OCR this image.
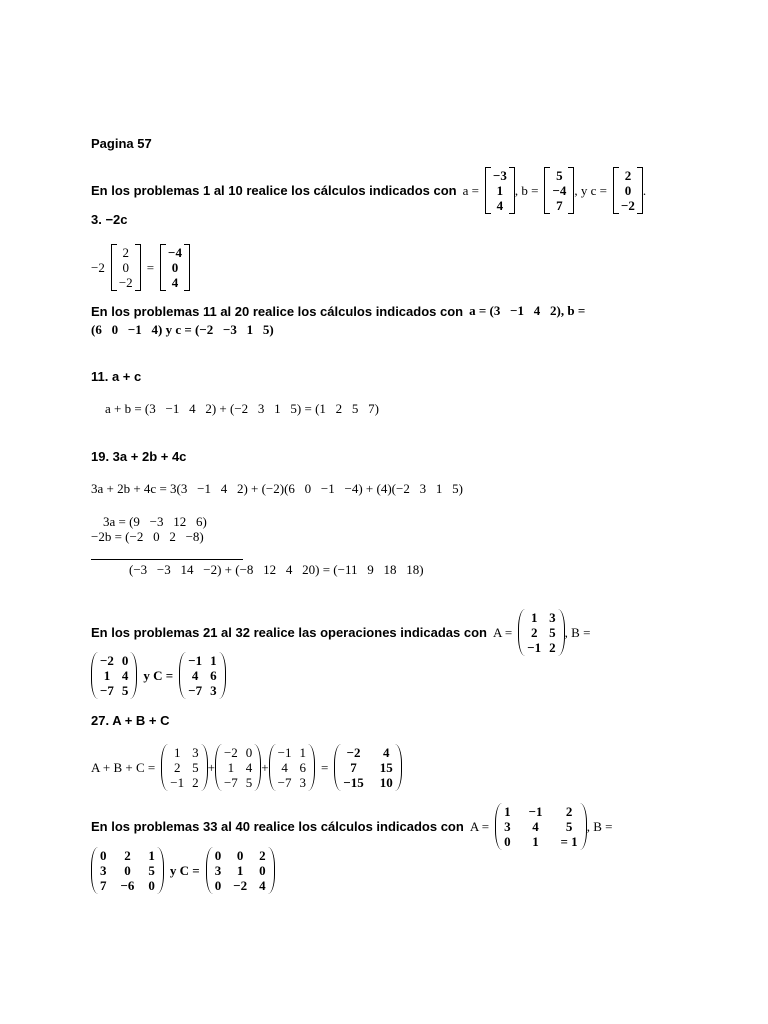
Pagina 57
En los problemas 1 al 10 realice los cálculos indicados con a =
−3
1
4
, b =
5
−4
7
, y c =
2
0
−2
.
3. −2c
−2
2
0
−2
=
−4
0
4
En los problemas 11 al 20 realice los cálculos indicados con a = (3   −1   4   2), b =
(6   0   −1   4) y c = (−2   −3   1   5)
11. a + c
a + b = (3   −1   4   2) + (−2   3   1   5) = (1   2   5   7)
19. 3a + 2b + 4c
3a + 2b + 4c = 3(3   −1   4   2) + (−2)(6   0   −1   −4) + (4)(−2   3   1   5)
3a = (9   −3   12   6)
−2b = (−2   0   2   −8)
(−3   −3   14   −2) + (−8   12   4   20) = (−11   9   18   18)
En los problemas 21 al 32 realice las operaciones indicadas con A =
1 3
2 5
−1 2
, B =
−2 0
1 4
−7 5
y C =
−1 1
4 6
−7 3
27. A + B + C
A + B + C =
1 3
2 5
−1 2
+
−2 0
1 4
−7 5
+
−1 1
4 6
−7 3
=
−2 4
7	15
−15 10
En los problemas 33 al 40 realice los cálculos indicados con A =
1 −1	2
3 4	5
0 1 = 1
, B =
0 2 1
3 0 5
7 −6 0
y C =
0 0 2
3 1 0
0 −2 4
